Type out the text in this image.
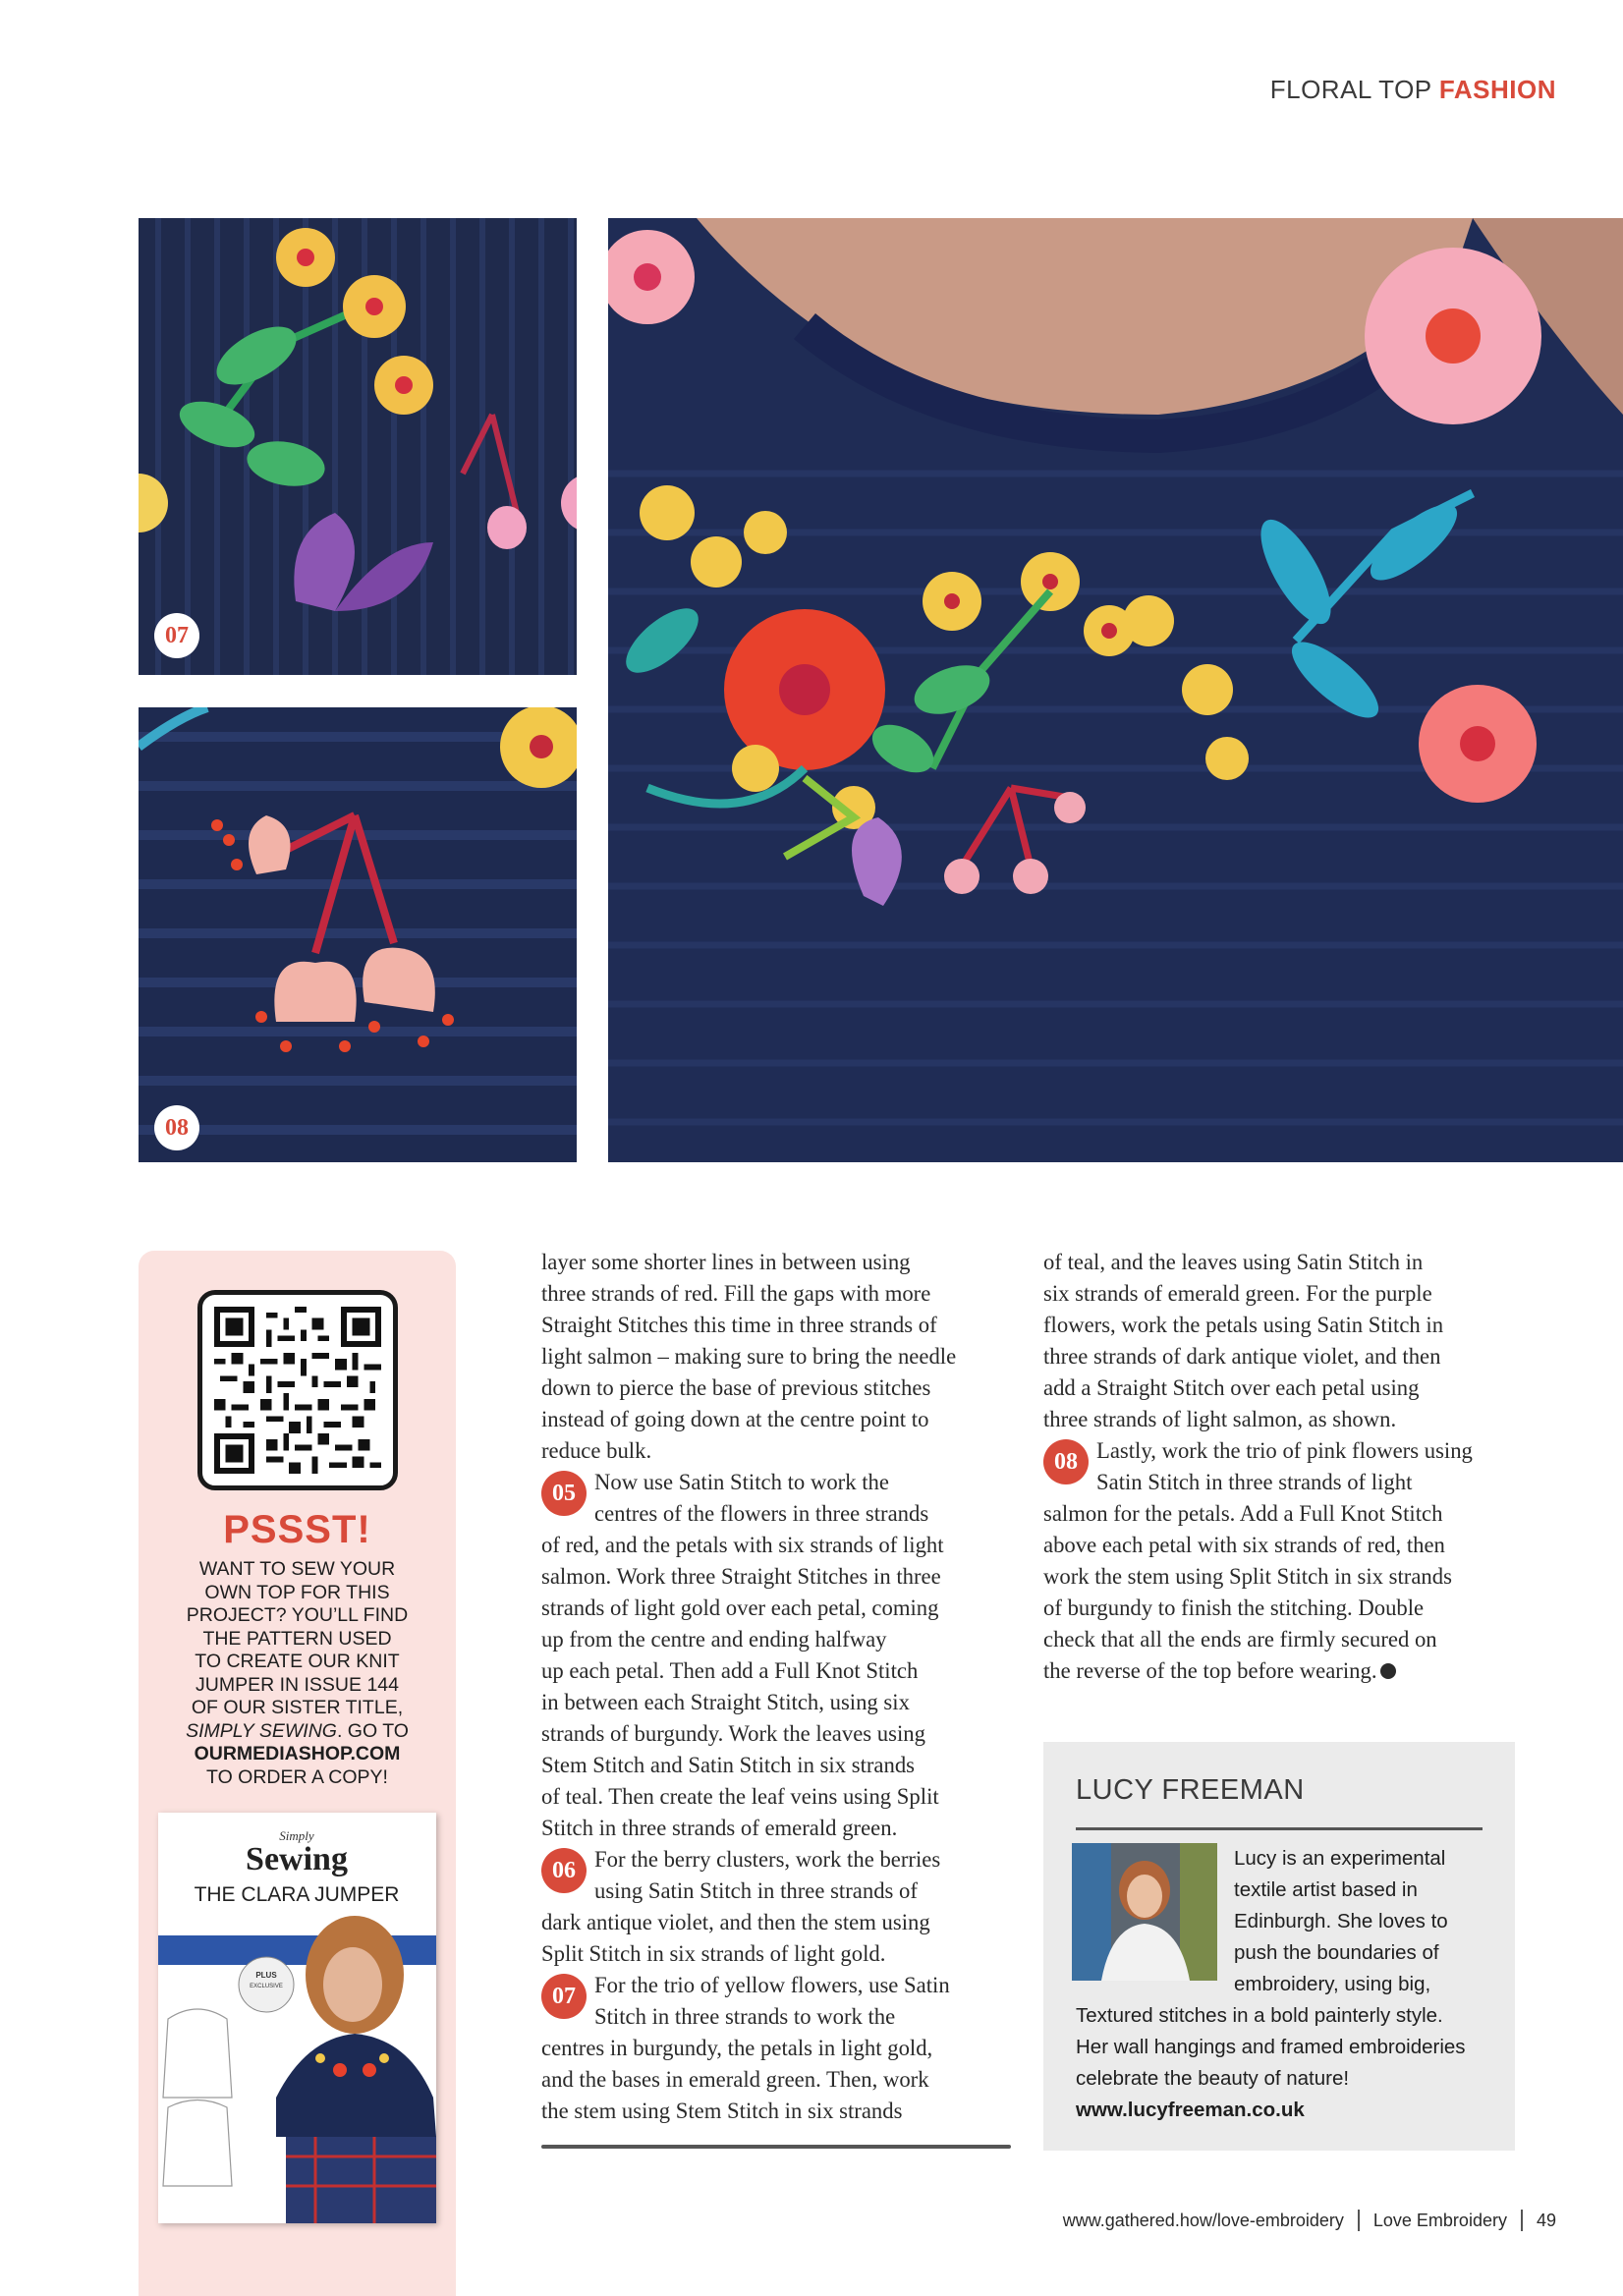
FLORAL TOP FASHION
07
08
PSSST!
WANT TO SEW YOUR
OWN TOP FOR THIS
PROJECT? YOU’LL FIND
THE PATTERN USED
TO CREATE OUR KNIT
JUMPER IN ISSUE 144
OF OUR SISTER TITLE,
SIMPLY SEWING. GO TO
OURMEDIASHOP.COM
TO ORDER A COPY!
Simply
Sewing
THE CLARA JUMPER
PLUS
EXCLUSIVE

layer some shorter lines in between using
three strands of red. Fill the gaps with more
Straight Stitches this time in three strands of
light salmon – making sure to bring the needle
down to pierce the base of previous stitches
instead of going down at the centre point to
reduce bulk.

05 Now use Satin Stitch to work the
centres of the flowers in three strands
of red, and the petals with six strands of light
salmon. Work three Straight Stitches in three
strands of light gold over each petal, coming
up from the centre and ending halfway
up each petal. Then add a Full Knot Stitch
in between each Straight Stitch, using six
strands of burgundy. Work the leaves using
Stem Stitch and Satin Stitch in six strands
of teal. Then create the leaf veins using Split
Stitch in three strands of emerald green.
06 For the berry clusters, work the berries
using Satin Stitch in three strands of
dark antique violet, and then the stem using
Split Stitch in six strands of light gold.
07 For the trio of yellow flowers, use Satin
Stitch in three strands to work the
centres in burgundy, the petals in light gold,
and the bases in emerald green. Then, work
the stem using Stem Stitch in six strands

of teal, and the leaves using Satin Stitch in
six strands of emerald green. For the purple
flowers, work the petals using Satin Stitch in
three strands of dark antique violet, and then
add a Straight Stitch over each petal using
three strands of light salmon, as shown.

08 Lastly, work the trio of pink flowers using
Satin Stitch in three strands of light
salmon for the petals. Add a Full Knot Stitch
above each petal with six strands of red, then
work the stem using Split Stitch in six strands
of burgundy to finish the stitching. Double
check that all the ends are firmly secured on
the reverse of the top before wearing.
LUCY FREEMAN
Lucy is an experimental
textile artist based in
Edinburgh. She loves to
push the boundaries of
embroidery, using big,
Textured stitches in a bold painterly style.
Her wall hangings and framed embroideries
celebrate the beauty of nature!
www.lucyfreeman.co.uk
www.gathered.how/love-embroidery Love Embroidery 49
